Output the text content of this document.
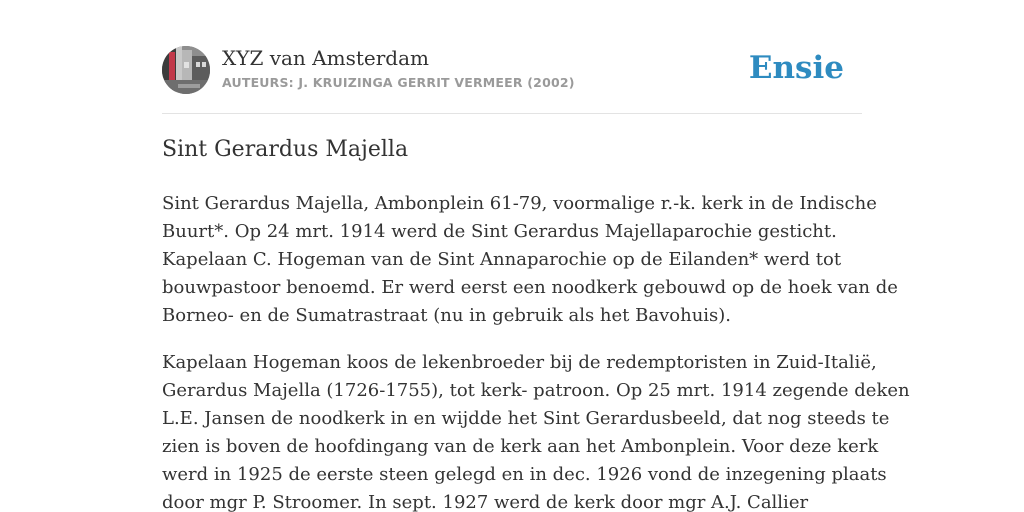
XYZ van Amsterdam
AUTEURS: J. KRUIZINGA GERRIT VERMEER (2002)	Ensie
Sint Gerardus Majella

Sint Gerardus Majella, Ambonplein 61-79, voormalige r.-k. kerk in de Indische
Buurt*. Op 24 mrt. 1914 werd de Sint Gerardus Majellaparochie gesticht.
Kapelaan C. Hogeman van de Sint Annaparochie op de Eilanden* werd tot
bouwpastoor benoemd. Er werd eerst een noodkerk gebouwd op de hoek van de
Borneo- en de Sumatrastraat (nu in gebruik als het Bavohuis).

Kapelaan Hogeman koos de lekenbroeder bij de redemptoristen in Zuid-Italië,
Gerardus Majella (1726-1755), tot kerk- patroon. Op 25 mrt. 1914 zegende deken
L.E. Jansen de noodkerk in en wijdde het Sint Gerardusbeeld, dat nog steeds te
zien is boven de hoofdingang van de kerk aan het Ambonplein. Voor deze kerk
werd in 1925 de eerste steen gelegd en in dec. 1926 vond de inzegening plaats
door mgr P. Stroomer. In sept. 1927 werd de kerk door mgr A.J. Callier
